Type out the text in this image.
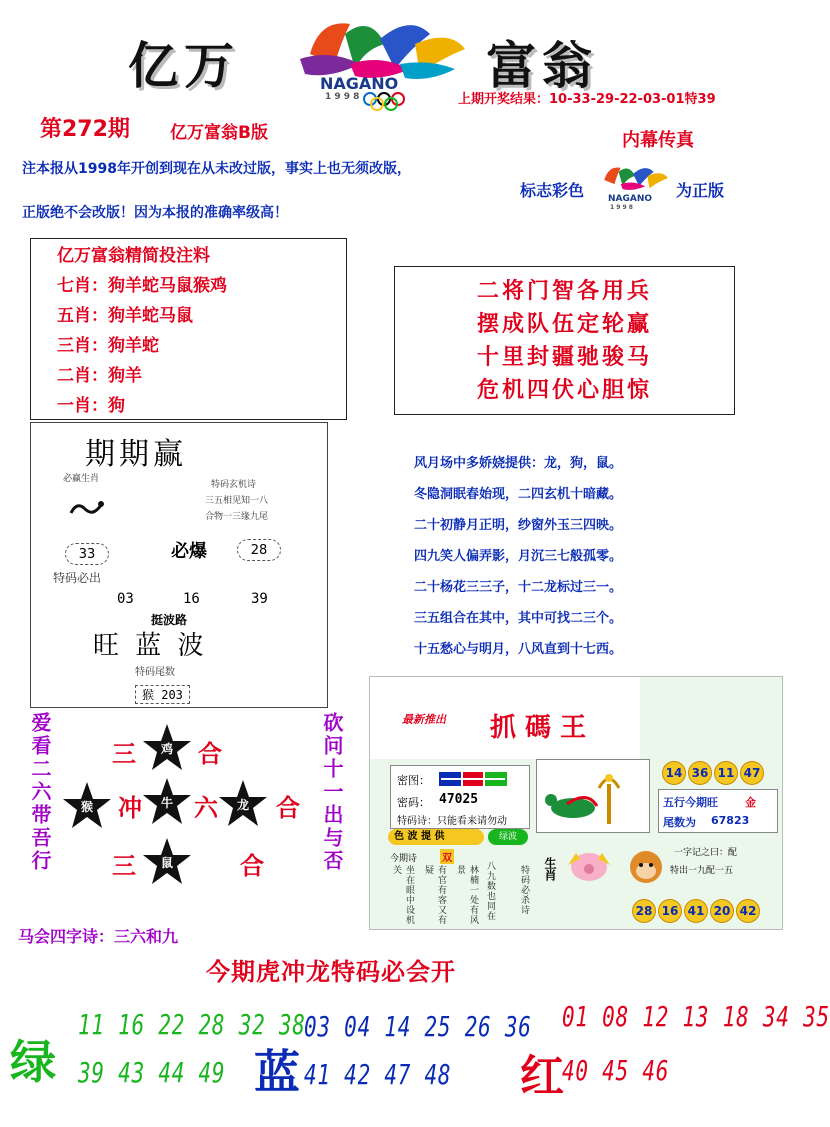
亿万	富翁
NAGANO
1 9 9 8	上期开奖结果：10-33-29-22-03-01特39
第272期 亿万富翁B版
注本报从1998年开创到现在从未改过版，事实上也无须改版，
正版绝不会改版！因为本报的准确率级高！
内幕传真
标志彩色	为正版
NAGANO
1 9 9 8
亿万富翁精简投注料
七肖：狗羊蛇马鼠猴鸡
五肖：狗羊蛇马鼠
三肖：狗羊蛇
二肖：狗羊
一肖：狗
二将门智各用兵
摆成队伍定轮赢
十里封疆驰骏马
危机四伏心胆惊
期期赢
必赢生肖
特码玄机诗
三五相见知一八
合物一三缘九尾
33	必爆	28
特码必出
03	16	39
挺波路
旺 蓝 波
特码尾数
猴 203
风月场中多娇娆提供：龙，狗，鼠。
冬隐洞眠春始现，二四玄机十暗藏。
二十初静月正明，纱窗外玉三四映。
四九笑人偏弄影，月沉三七般孤零。
二十杨花三三子，十二龙标过三一。
三五组合在其中，其中可找二三个。
十五愁心与明月，八风直到十七西。
爱看二六带吾行	砍问十一出与否
三	鸡	合
猴	冲	牛 六	龙	合
三	鼠	合
马会四字诗：三六和九
最新推出 抓 碼 王
密图：
密码： 47025
特码诗： 只能看来请勿动
14 36 11 47
五行今期旺 金
尾数为 67823
色 波 提 供	绿波
今期诗 双
坐在眼中设机关	有官有客又有疑	林楠一处有风景	八九数也同在	特码必杀诗 生肖
一字记之曰：配
特出一九配一五
28 16 41 20 42
今期虎冲龙特码必会开
绿
11 16 22 28 32 38
39 43 44 49 蓝
03 04 14 25 26 36
41 42 47 48 红
01 08 12 13 18 34 35
40 45 46
